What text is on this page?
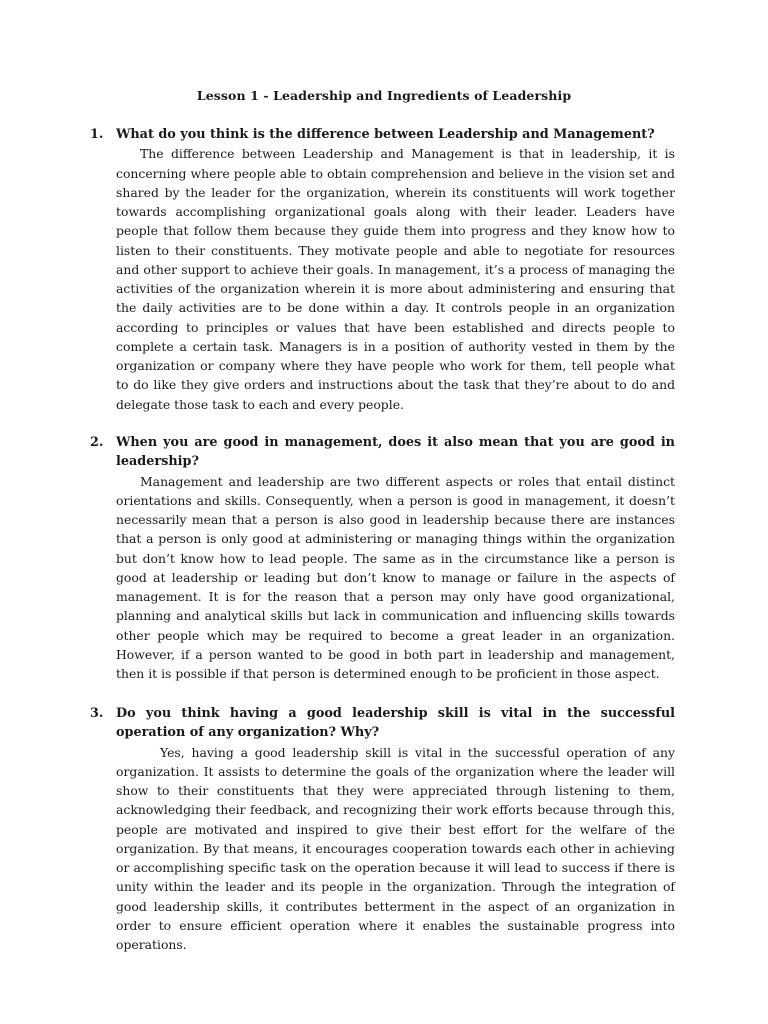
Lesson 1 - Leadership and Ingredients of Leadership
1. What do you think is the difference between Leadership and Management?
The difference between Leadership and Management is that in leadership, it is concerning where people able to obtain comprehension and believe in the vision set and shared by the leader for the organization, wherein its constituents will work together towards accomplishing organizational goals along with their leader. Leaders have people that follow them because they guide them into progress and they know how to listen to their constituents. They motivate people and able to negotiate for resources and other support to achieve their goals. In management, it’s a process of managing the activities of the organization wherein it is more about administering and ensuring that the daily activities are to be done within a day. It controls people in an organization according to principles or values that have been established and directs people to complete a certain task. Managers is in a position of authority vested in them by the organization or company where they have people who work for them, tell people what to do like they give orders and instructions about the task that they’re about to do and delegate those task to each and every people.
2. When you are good in management, does it also mean that you are good in leadership?
Management and leadership are two different aspects or roles that entail distinct orientations and skills. Consequently, when a person is good in management, it doesn’t necessarily mean that a person is also good in leadership because there are instances that a person is only good at administering or managing things within the organization but don’t know how to lead people. The same as in the circumstance like a person is good at leadership or leading but don’t know to manage or failure in the aspects of management. It is for the reason that a person may only have good organizational, planning and analytical skills but lack in communication and influencing skills towards other people which may be required to become a great leader in an organization. However, if a person wanted to be good in both part in leadership and management, then it is possible if that person is determined enough to be proficient in those aspect.
3. Do you think having a good leadership skill is vital in the successful operation of any organization? Why?
Yes, having a good leadership skill is vital in the successful operation of any organization. It assists to determine the goals of the organization where the leader will show to their constituents that they were appreciated through listening to them, acknowledging their feedback, and recognizing their work efforts because through this, people are motivated and inspired to give their best effort for the welfare of the organization. By that means, it encourages cooperation towards each other in achieving or accomplishing specific task on the operation because it will lead to success if there is unity within the leader and its people in the organization. Through the integration of good leadership skills, it contributes betterment in the aspect of an organization in order to ensure efficient operation where it enables the sustainable progress into operations.
